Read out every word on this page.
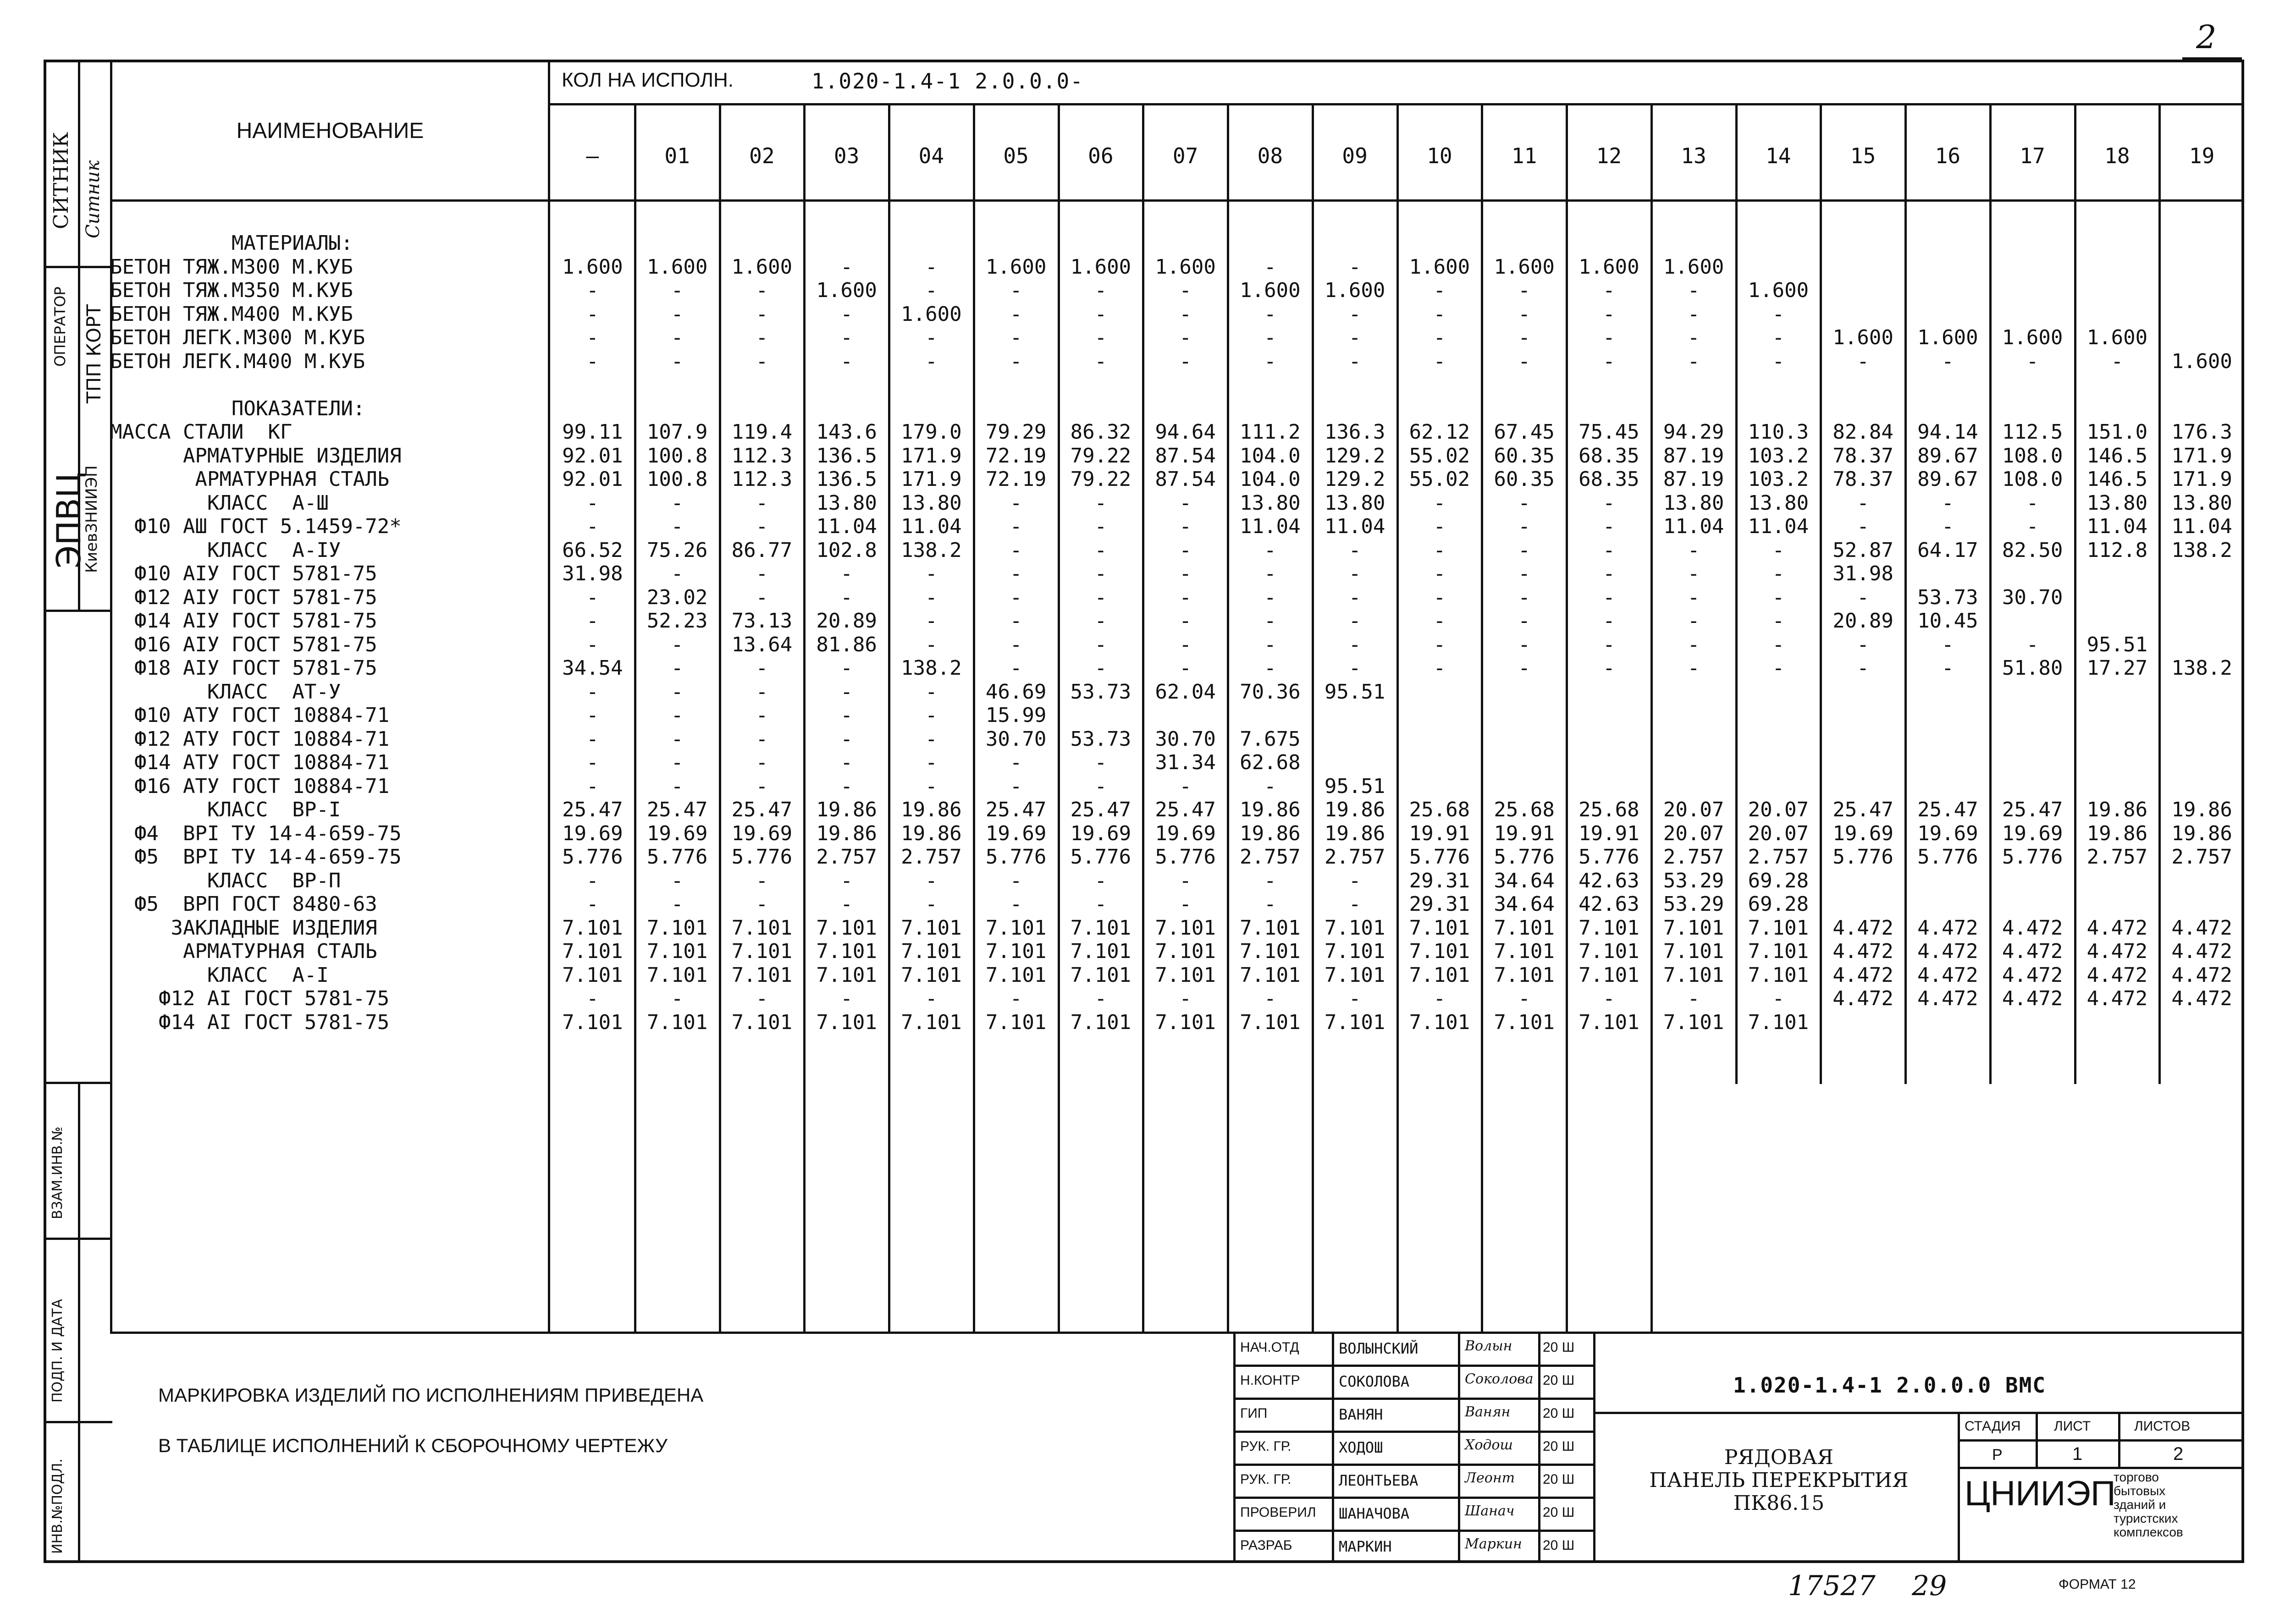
2
ЭПВЦ
КиевЗНИИЭП
ТПП КОРТ
ОПЕРАТОР
СИТНИК Ситник
ВЗАМ.ИНВ.№
ПОДП. И ДАТА
ИНВ.№ПОДЛ.
НАИМЕНОВАНИЕ
КОЛ НА ИСПОЛН.	1.020-1.4-1 2.0.0.0-
—	01	02	03	04	05	06	07	08	09	10	11	12	13	14	15	16	17	18	19
МАТЕРИАЛЫ:
БЕТОН ТЯЖ.М300 М.КУБ	1.600	1.600	1.600	-	-	1.600	1.600	1.600	-	-	1.600	1.600	1.600	1.600
БЕТОН ТЯЖ.М350 М.КУБ	-	-	-	1.600	-	-	-	-	1.600	1.600	-	-	-	-	1.600
БЕТОН ТЯЖ.М400 М.КУБ	-	-	-	-	1.600	-	-	-	-	-	-	-	-	-	-
БЕТОН ЛЕГК.М300 М.КУБ	-	-	-	-	-	-	-	-	-	-	-	-	-	-	-	1.600	1.600	1.600	1.600
БЕТОН ЛЕГК.М400 М.КУБ	-	-	-	-	-	-	-	-	-	-	-	-	-	-	-	-	-	-	-	1.600
ПОКАЗАТЕЛИ:
МАССА СТАЛИ  КГ	99.11	107.9	119.4	143.6	179.0	79.29	86.32	94.64	111.2	136.3	62.12	67.45	75.45	94.29	110.3	82.84	94.14	112.5	151.0	176.3
АРМАТУРНЫЕ ИЗДЕЛИЯ	92.01	100.8	112.3	136.5	171.9	72.19	79.22	87.54	104.0	129.2	55.02	60.35	68.35	87.19	103.2	78.37	89.67	108.0	146.5	171.9
АРМАТУРНАЯ СТАЛЬ	92.01	100.8	112.3	136.5	171.9	72.19	79.22	87.54	104.0	129.2	55.02	60.35	68.35	87.19	103.2	78.37	89.67	108.0	146.5	171.9
КЛАСС  А-Ш	-	-	-	13.80	13.80	-	-	-	13.80	13.80	-	-	-	13.80	13.80	-	-	-	13.80	13.80
Ф10 АШ ГОСТ 5.1459-72*	-	-	-	11.04	11.04	-	-	-	11.04	11.04	-	-	-	11.04	11.04	-	-	-	11.04	11.04
КЛАСС  А-IУ	66.52	75.26	86.77	102.8	138.2	-	-	-	-	-	-	-	-	-	-	52.87	64.17	82.50	112.8	138.2
Ф10 АIУ ГОСТ 5781-75	31.98	-	-	-	-	-	-	-	-	-	-	-	-	-	-	31.98
Ф12 АIУ ГОСТ 5781-75	-	23.02	-	-	-	-	-	-	-	-	-	-	-	-	-	-	53.73	30.70
Ф14 АIУ ГОСТ 5781-75	-	52.23	73.13	20.89	-	-	-	-	-	-	-	-	-	-	-	20.89	10.45
Ф16 АIУ ГОСТ 5781-75	-	-	13.64	81.86	-	-	-	-	-	-	-	-	-	-	-	-	-	-	95.51
Ф18 АIУ ГОСТ 5781-75	34.54	-	-	-	138.2	-	-	-	-	-	-	-	-	-	-	-	-	51.80	17.27	138.2
КЛАСС  АТ-У	-	-	-	-	-	46.69	53.73	62.04	70.36	95.51
Ф10 АТУ ГОСТ 10884-71	-	-	-	-	-	15.99
Ф12 АТУ ГОСТ 10884-71	-	-	-	-	-	30.70	53.73	30.70	7.675
Ф14 АТУ ГОСТ 10884-71	-	-	-	-	-	-	-	31.34	62.68
Ф16 АТУ ГОСТ 10884-71	-	-	-	-	-	-	-	-	-	95.51
КЛАСС  ВР-I	25.47	25.47	25.47	19.86	19.86	25.47	25.47	25.47	19.86	19.86	25.68	25.68	25.68	20.07	20.07	25.47	25.47	25.47	19.86	19.86
Ф4  ВРI ТУ 14-4-659-75	19.69	19.69	19.69	19.86	19.86	19.69	19.69	19.69	19.86	19.86	19.91	19.91	19.91	20.07	20.07	19.69	19.69	19.69	19.86	19.86
Ф5  ВРI ТУ 14-4-659-75	5.776	5.776	5.776	2.757	2.757	5.776	5.776	5.776	2.757	2.757	5.776	5.776	5.776	2.757	2.757	5.776	5.776	5.776	2.757	2.757
КЛАСС  ВР-П	-	-	-	-	-	-	-	-	-	-	29.31	34.64	42.63	53.29	69.28
Ф5  ВРП ГОСТ 8480-63	-	-	-	-	-	-	-	-	-	-	29.31	34.64	42.63	53.29	69.28
ЗАКЛАДНЫЕ ИЗДЕЛИЯ	7.101	7.101	7.101	7.101	7.101	7.101	7.101	7.101	7.101	7.101	7.101	7.101	7.101	7.101	7.101	4.472	4.472	4.472	4.472	4.472
АРМАТУРНАЯ СТАЛЬ	7.101	7.101	7.101	7.101	7.101	7.101	7.101	7.101	7.101	7.101	7.101	7.101	7.101	7.101	7.101	4.472	4.472	4.472	4.472	4.472
КЛАСС  А-I	7.101	7.101	7.101	7.101	7.101	7.101	7.101	7.101	7.101	7.101	7.101	7.101	7.101	7.101	7.101	4.472	4.472	4.472	4.472	4.472
Ф12 АI ГОСТ 5781-75	-	-	-	-	-	-	-	-	-	-	-	-	-	-	-	4.472	4.472	4.472	4.472	4.472
Ф14 АI ГОСТ 5781-75	7.101	7.101	7.101	7.101	7.101	7.101	7.101	7.101	7.101	7.101	7.101	7.101	7.101	7.101	7.101
МАРКИРОВКА ИЗДЕЛИЙ ПО ИСПОЛНЕНИЯМ ПРИВЕДЕНА
В ТАБЛИЦЕ ИСПОЛНЕНИЙ К СБОРОЧНОМУ ЧЕРТЕЖУ
НАЧ.ОТД	ВОЛЫНСКИЙ	Волын 20 Ш
Н.КОНТР	СОКОЛОВА	Соколова 20 Ш
ГИП	ВАНЯН	Ванян 20 Ш
РУК. ГР.	ХОДОШ	Ходош 20 Ш
РУК. ГР.	ЛЕОНТЬЕВА	Леонт 20 Ш
ПРОВЕРИЛ ШАНАЧОВА	Шанач 20 Ш
РАЗРАБ	МАРКИН	Маркин 20 Ш
1.020-1.4-1 2.0.0.0 ВМС
РЯДОВАЯ
ПАНЕЛЬ ПЕРЕКРЫТИЯ
ПК86.15
СТАДИЯ ЛИСТ	ЛИСТОВ
Р	1	2
ЦНИИЭП
торгово
бытовых
зданий и
туристских
комплексов
17527 29	ФОРМАТ 12
